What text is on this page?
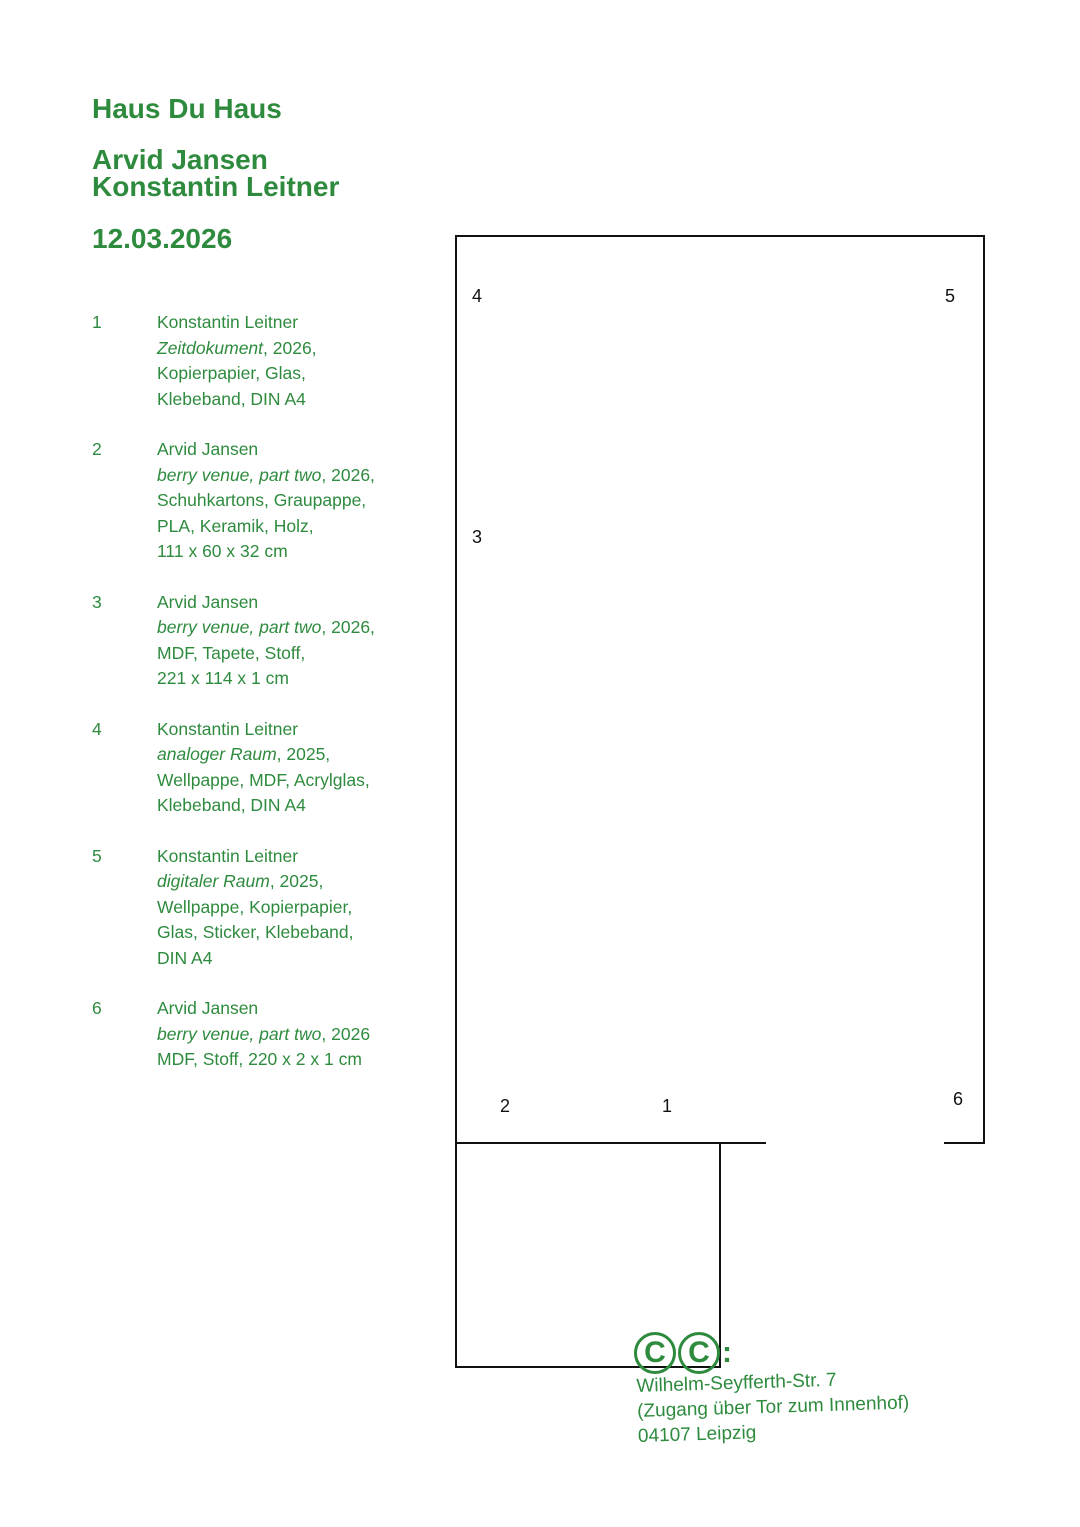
Haus Du Haus
Arvid Jansen
Konstantin Leitner
12.03.2026
1	Konstantin Leitner
Zeitdokument, 2026,
Kopierpapier, Glas,
Klebeband, DIN A4
2	Arvid Jansen
berry venue, part two, 2026,
Schuhkartons, Graupappe,
PLA, Keramik, Holz,
111 x 60 x 32 cm
3	Arvid Jansen
berry venue, part two, 2026,
MDF, Tapete, Stoff,
221 x 114 x 1 cm
4	Konstantin Leitner
analoger Raum, 2025,
Wellpappe, MDF, Acrylglas,
Klebeband, DIN A4
5	Konstantin Leitner
digitaler Raum, 2025,
Wellpappe, Kopierpapier,
Glas, Sticker, Klebeband,
DIN A4
6	Arvid Jansen
berry venue, part two, 2026
MDF, Stoff, 220 x 2 x 1 cm
4	5
3
2	1	6
C C :
Wilhelm-Seyfferth-Str. 7
(Zugang über Tor zum Innenhof)
04107 Leipzig
